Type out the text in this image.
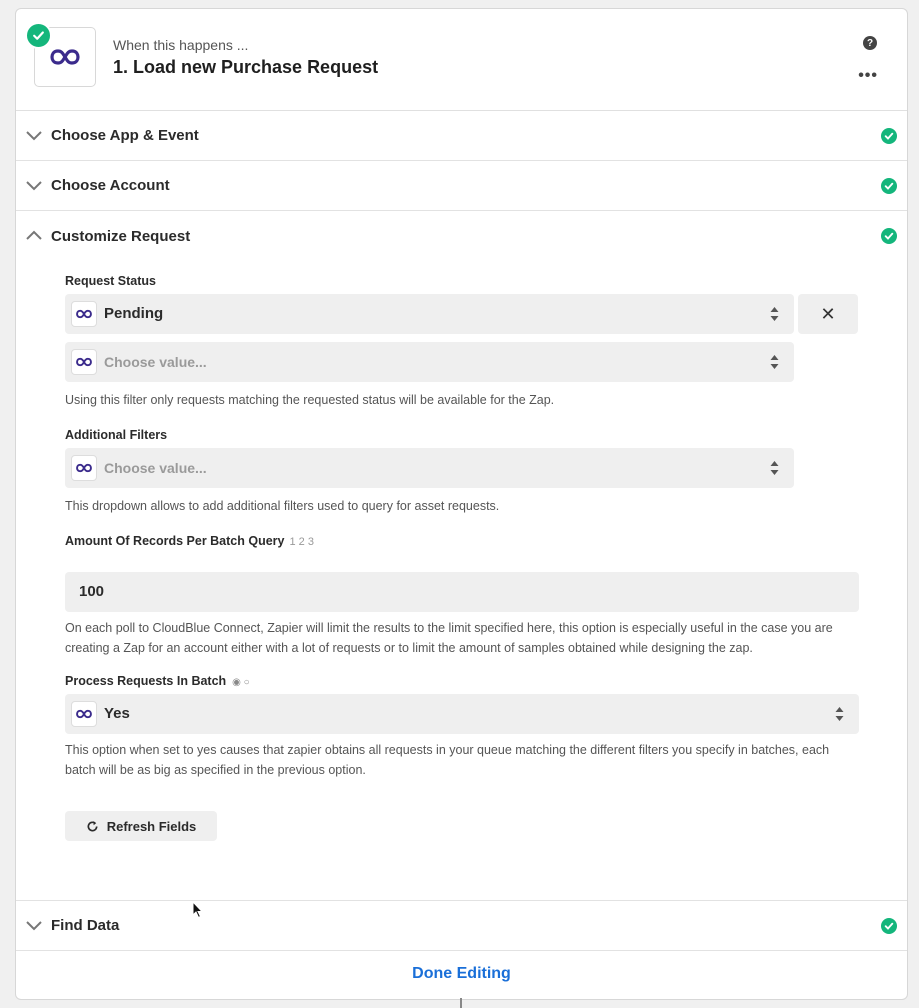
When this happens ...
1. Load new Purchase Request
?
•••
Choose App & Event
Choose Account
Customize Request
Request Status
Pending	✕
Choose value...
Using this filter only requests matching the requested status will be available for the Zap.
Additional Filters
Choose value...
This dropdown allows to add additional filters used to query for asset requests.
Amount Of Records Per Batch Query 1 2 3
100
On each poll to CloudBlue Connect, Zapier will limit the results to the limit specified here, this option is especially useful in the case you are creating a Zap for an account either with a lot of requests or to limit the amount of samples obtained while designing the zap.
Process Requests In Batch ◉ ○
Yes
This option when set to yes causes that zapier obtains all requests in your queue matching the different filters you specify in batches, each batch will be as big as specified in the previous option.
Refresh Fields
Find Data
Done Editing
